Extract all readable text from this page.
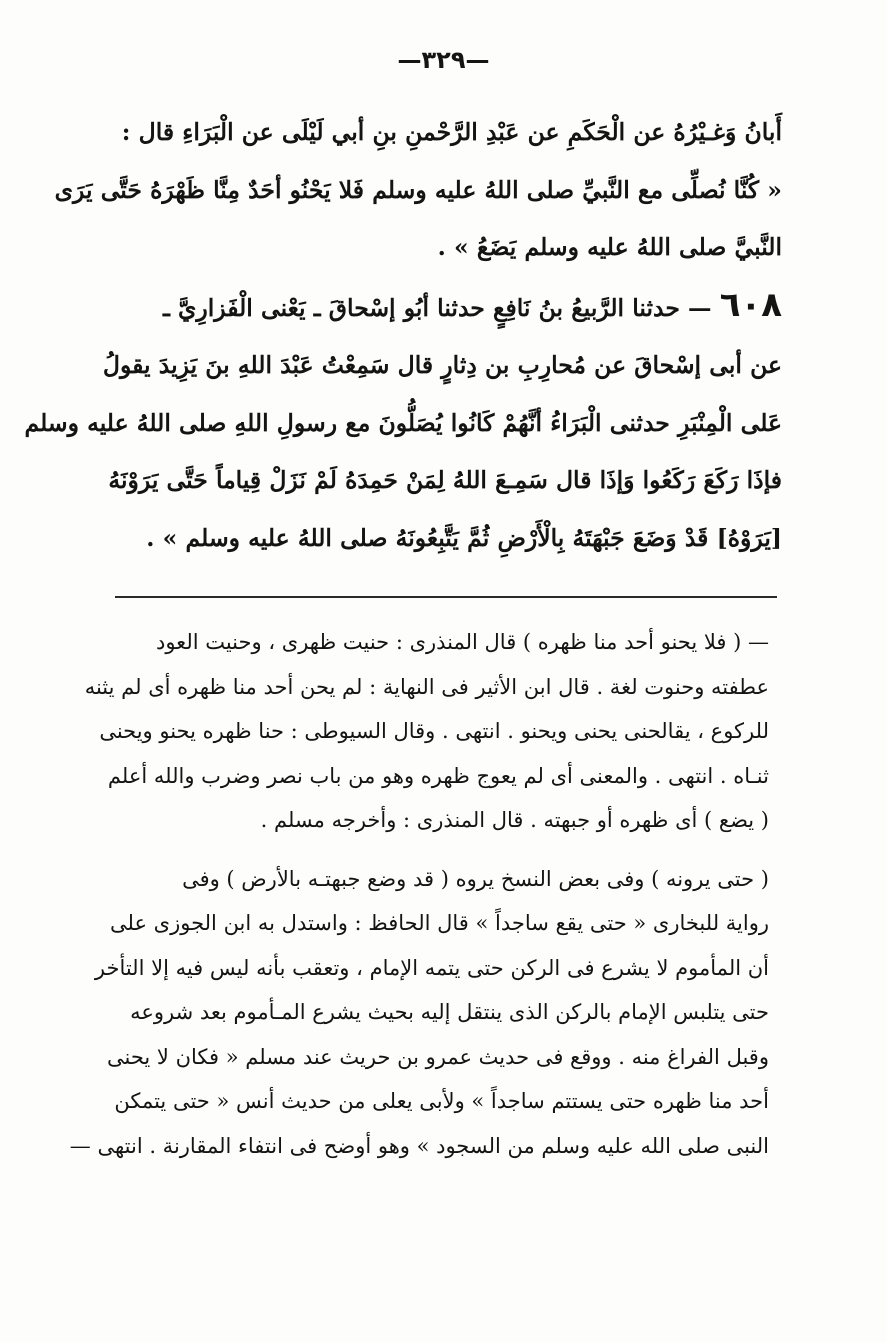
—٣٢٩—
أَبانُ وَغـيْرُهُ عن الْحَكَمِ عن عَبْدِ الرَّحْمنِ بنِ أبي لَيْلَى عن الْبَرَاءِ قال :
« كُنَّا نُصلِّى مع النَّبيِّ صلى اللهُ عليه وسلم فَلا يَحْنُو أحَدٌ مِنَّا ظَهْرَهُ حَتَّى يَرَى
النَّبيَّ صلى اللهُ عليه وسلم يَضَعُ » .
٦٠٨ — حدثنا الرَّبيعُ بنُ نَافِعٍ حدثنا أبُو إسْحاقَ ـ يَعْنى الْفَزارِيَّ ـ
عن أبى إسْحاقَ عن مُحارِبِ بن دِثارٍ قال سَمِعْتُ عَبْدَ اللهِ بنَ يَزِيدَ يقولُ
عَلى الْمِنْبَرِ حدثنى الْبَرَاءُ أنَّهُمْ كَانُوا يُصَلُّونَ مع رسولِ اللهِ صلى اللهُ عليه وسلم
فإذَا رَكَعَ رَكَعُوا وَإذَا قال سَمِـعَ اللهُ لِمَنْ حَمِدَهُ لَمْ نَزَلْ قِياماً حَتَّى يَرَوْنَهُ
[يَرَوْهُ] قَدْ وَضَعَ جَبْهَتَهُ بِالْأَرْضِ ثُمَّ يَتَّبِعُونَهُ صلى اللهُ عليه وسلم » .
— ( فلا يحنو أحد منا ظهره ) قال المنذرى : حنيت ظهرى ، وحنيت العود
عطفته وحنوت لغة . قال ابن الأثير فى النهاية : لم يحن أحد منا ظهره أى لم يثنه
للركوع ، يقالحنى يحنى ويحنو . انتهى . وقال السيوطى : حنا ظهره يحنو ويحنى
ثنـاه . انتهى . والمعنى أى لم يعوج ظهره وهو من باب نصر وضرب والله أعلم
( يضع ) أى ظهره أو جبهته . قال المنذرى : وأخرجه مسلم .
( حتى يرونه ) وفى بعض النسخ يروه ( قد وضع جبهتـه بالأرض ) وفى
رواية للبخارى « حتى يقع ساجداً » قال الحافظ : واستدل به ابن الجوزى على
أن المأموم لا يشرع فى الركن حتى يتمه الإمام ، وتعقب بأنه ليس فيه إلا التأخر
حتى يتلبس الإمام بالركن الذى ينتقل إليه بحيث يشرع المـأموم بعد شروعه
وقبل الفراغ منه . ووقع فى حديث عمرو بن حريث عند مسلم « فكان لا يحنى
أحد منا ظهره حتى يستتم ساجداً » ولأبى يعلى من حديث أنس « حتى يتمكن
النبى صلى الله عليه وسلم من السجود » وهو أوضح فى انتفاء المقارنة . انتهى —
